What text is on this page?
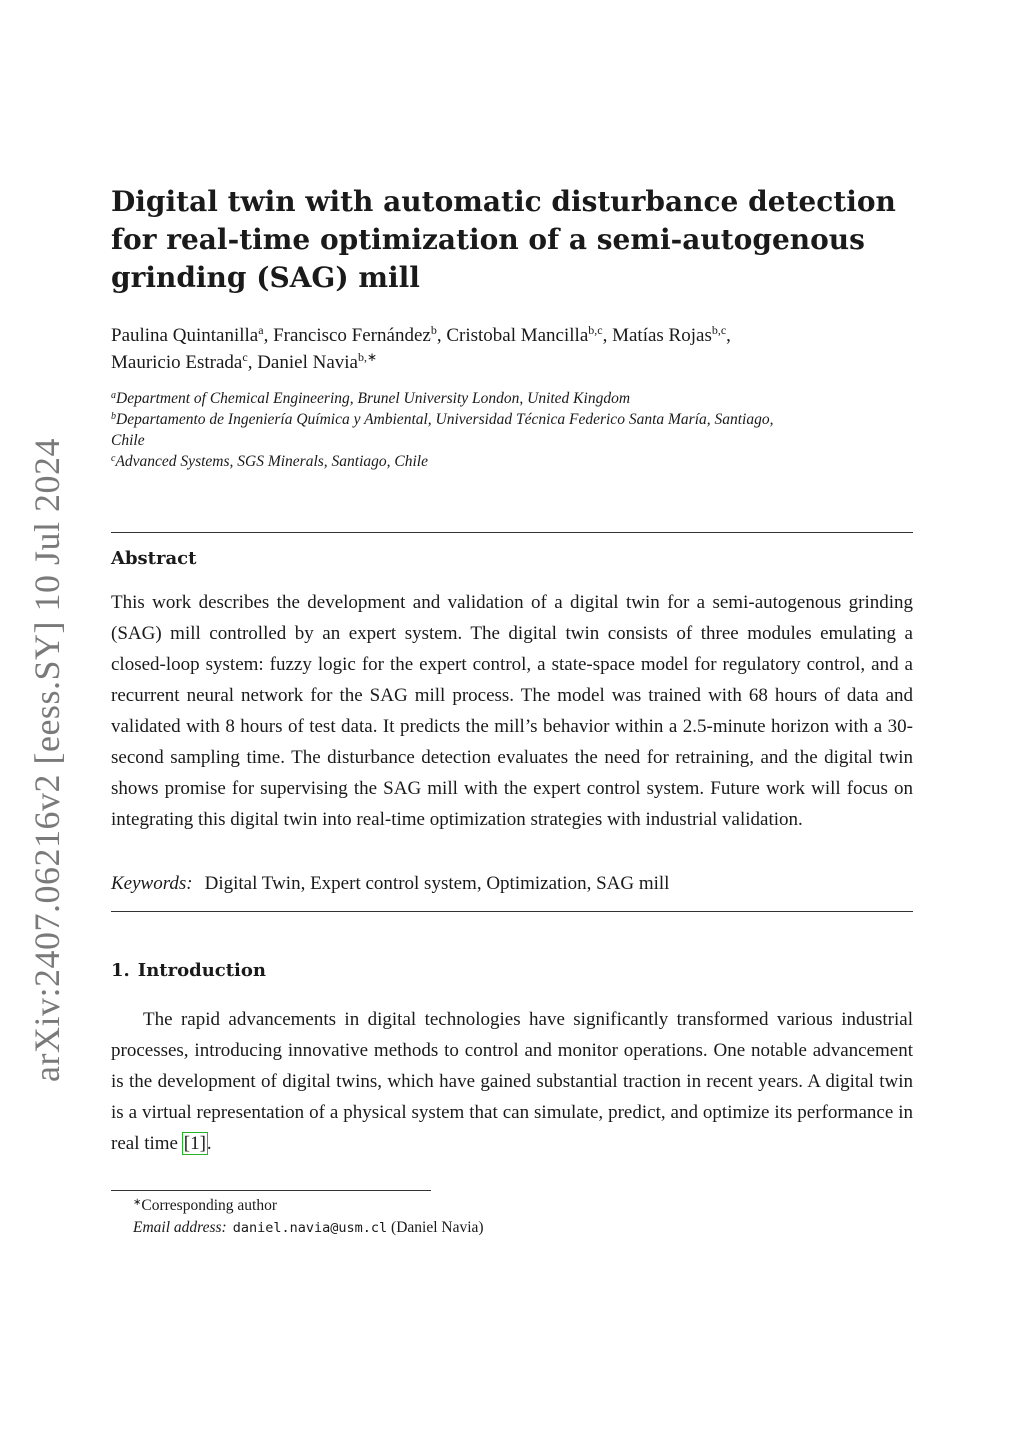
arXiv:2407.06216v2 [eess.SY] 10 Jul 2024
Digital twin with automatic disturbance detection for real-time optimization of a semi-autogenous grinding (SAG) mill
Paulina Quintanilla$^a$, Francisco Fernández$^b$, Cristobal Mancilla$^{b,c}$, Matías Rojas$^{b,c}$,
Mauricio Estrada$^c$, Daniel Navia$^{b,∗}$
$^a$Department of Chemical Engineering, Brunel University London, United Kingdom
$^b$Departamento de Ingeniería Química y Ambiental, Universidad Técnica Federico Santa María, Santiago, Chile
$^c$Advanced Systems, SGS Minerals, Santiago, Chile
Abstract

This work describes the development and validation of a digital twin for a semi-autogenous grinding (SAG) mill controlled by an expert system. The digital twin consists of three modules emulating a closed-loop system: fuzzy logic for the expert control, a state-space model for regulatory control, and a recurrent neural network for the SAG mill process. The model was trained with 68 hours of data and validated with 8 hours of test data. It predicts the mill’s behavior within a 2.5-minute horizon with a 30-second sampling time. The disturbance detection evaluates the need for retraining, and the digital twin shows promise for supervising the SAG mill with the expert control system. Future work will focus on integrating this digital twin into real-time optimization strategies with industrial validation.

Keywords: Digital Twin, Expert control system, Optimization, SAG mill
1. Introduction

The rapid advancements in digital technologies have significantly transformed various industrial processes, introducing innovative methods to control and monitor operations. One notable advancement is the development of digital twins, which have gained substantial traction in recent years. A digital twin is a virtual representation of a physical system that can simulate, predict, and optimize its performance in real time [1].

∗Corresponding author
Email address: daniel.navia@usm.cl (Daniel Navia)
